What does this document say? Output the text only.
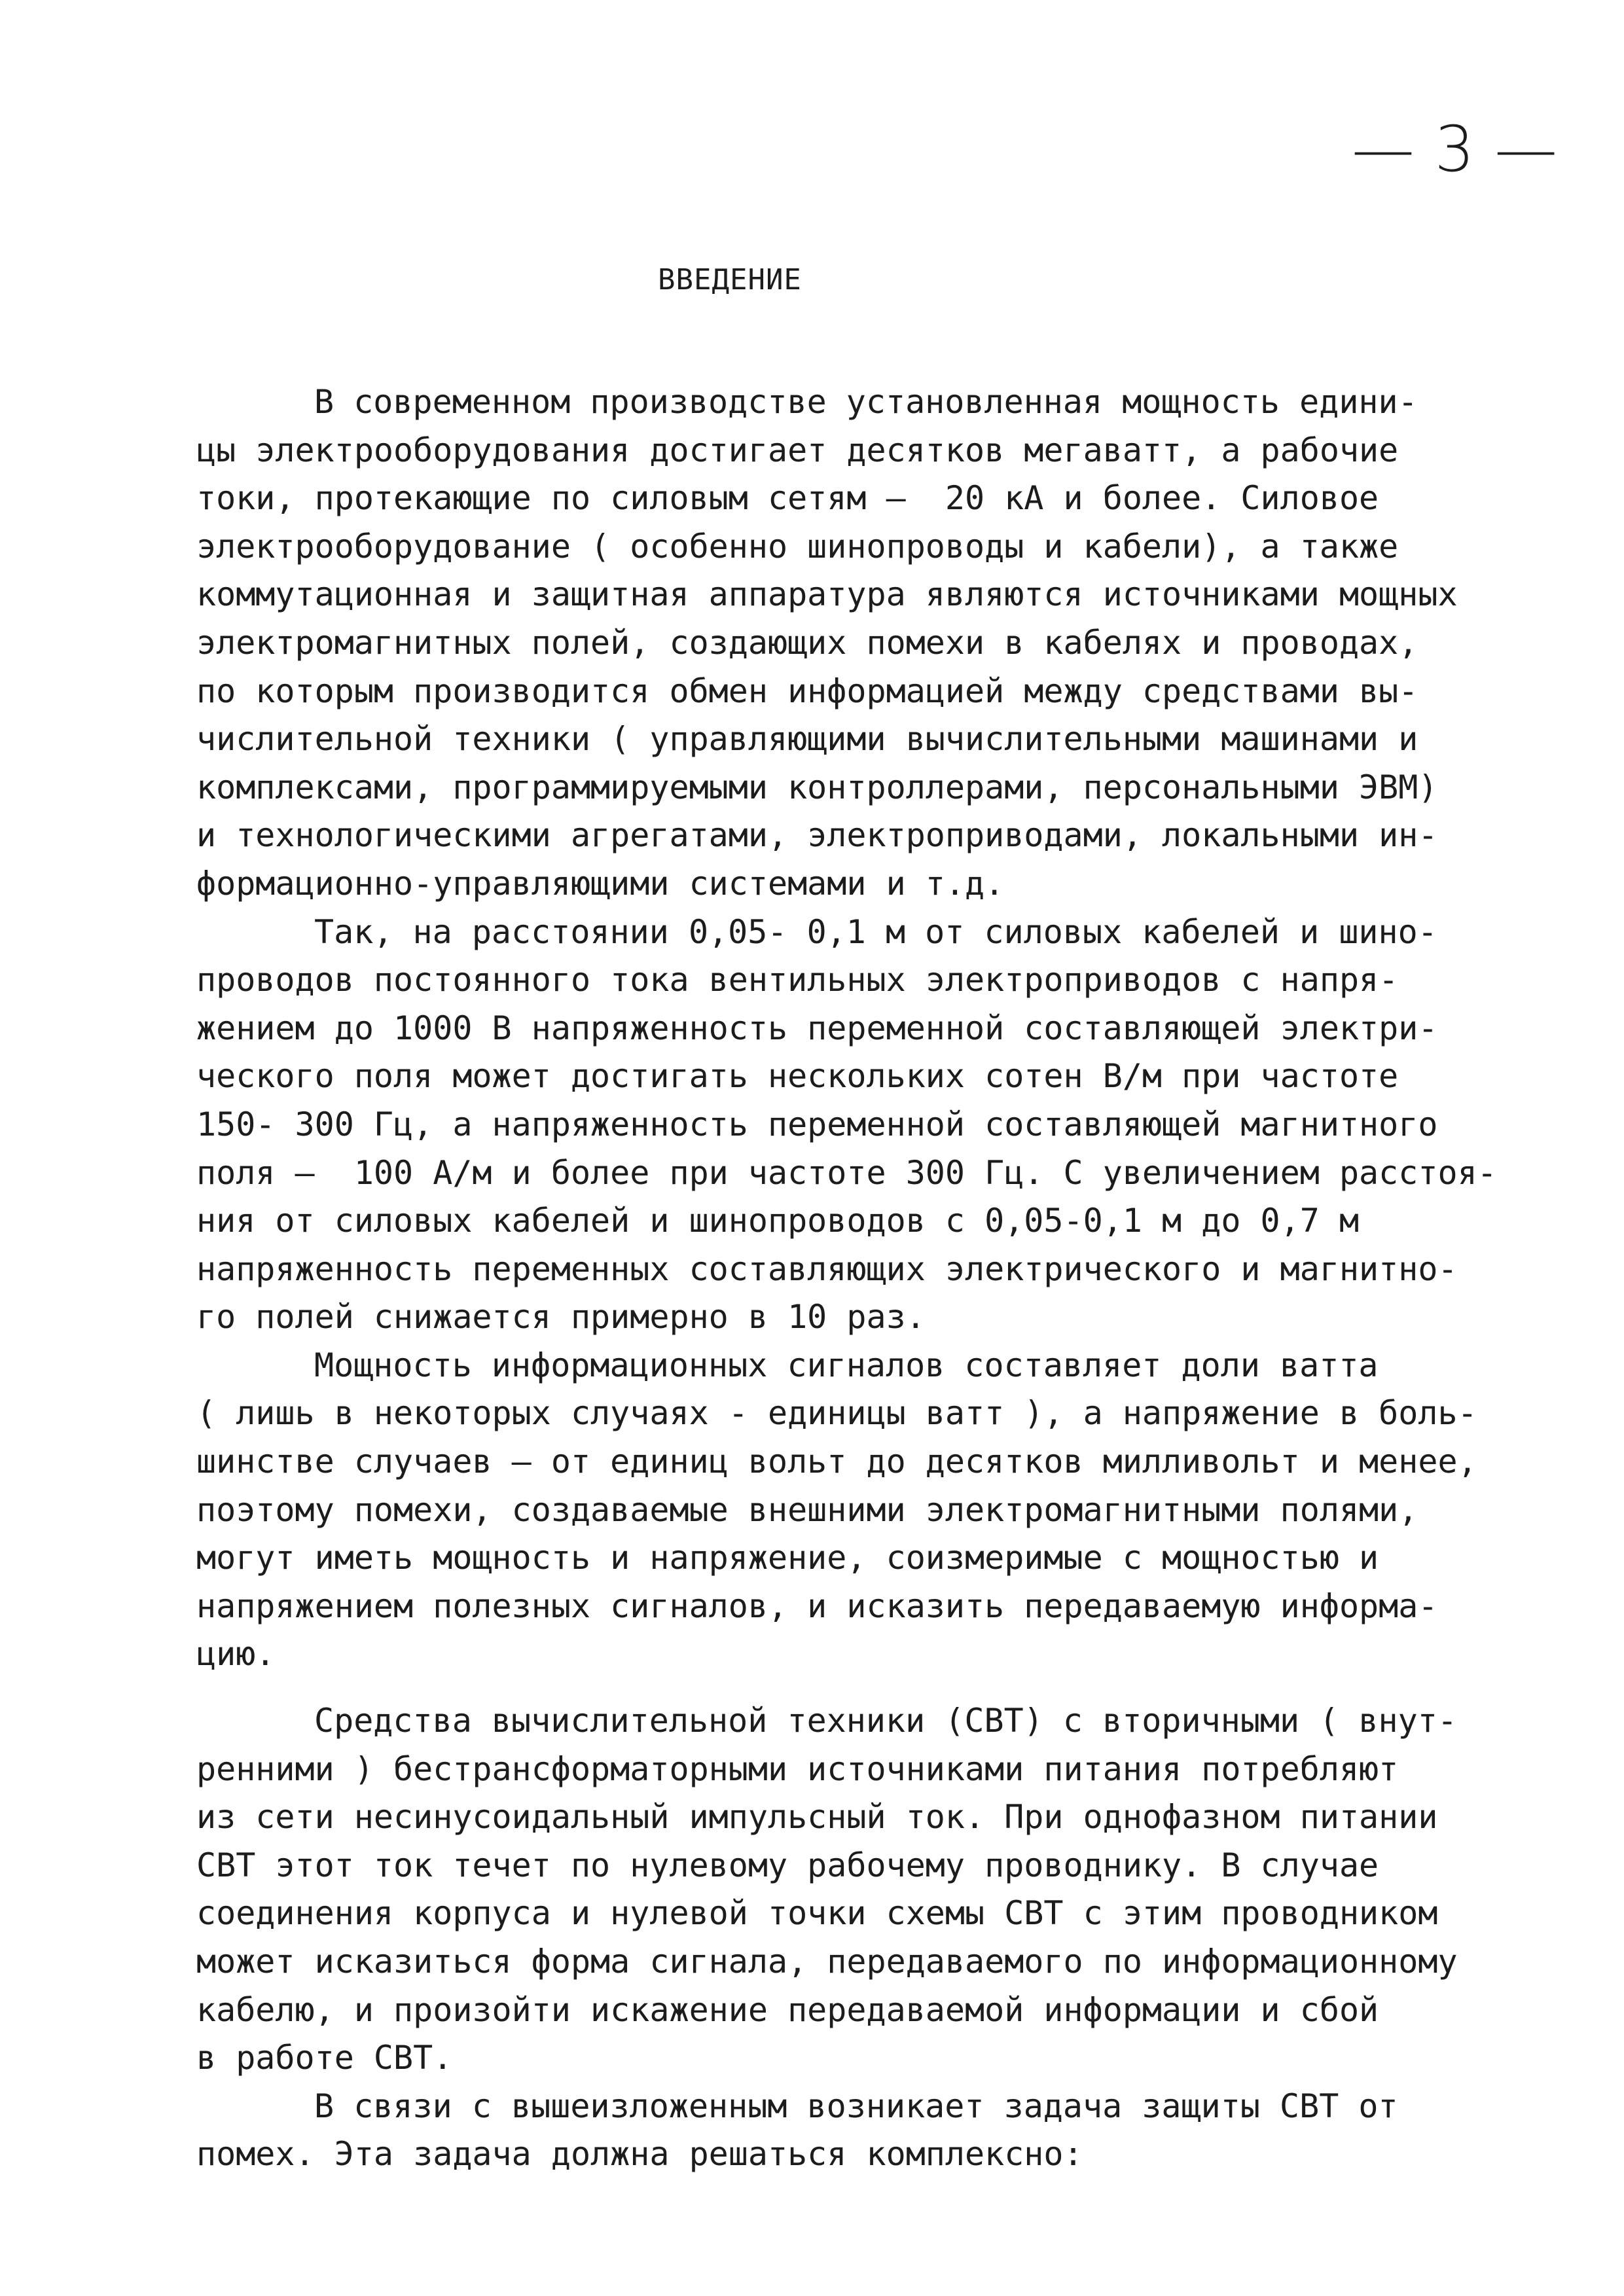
— 3 —
ВВЕДЕНИЕ
В современном производстве установленная мощность едини-
цы электрооборудования достигает десятков мегаватт, а рабочие
токи, протекающие по силовым сетям –  20 кА и более. Силовое
электрооборудование ( особенно шинопроводы и кабели), а также
коммутационная и защитная аппаратура являются источниками мощных
электромагнитных полей, создающих помехи в кабелях и проводах,
по которым производится обмен информацией между средствами вы-
числительной техники ( управляющими вычислительными машинами и
комплексами, программируемыми контроллерами, персональными ЭВМ)
и технологическими агрегатами, электроприводами, локальными ин-
формационно-управляющими системами и т.д.
Так, на расстоянии 0,05- 0,1 м от силовых кабелей и шино-
проводов постоянного тока вентильных электроприводов с напря-
жением до 1000 В напряженность переменной составляющей электри-
ческого поля может достигать нескольких сотен В/м при частоте
150- 300 Гц, а напряженность переменной составляющей магнитного
поля –  100 А/м и более при частоте 300 Гц. С увеличением расстоя-
ния от силовых кабелей и шинопроводов с 0,05-0,1 м до 0,7 м
напряженность переменных составляющих электрического и магнитно-
го полей снижается примерно в 10 раз.
Мощность информационных сигналов составляет доли ватта
( лишь в некоторых случаях - единицы ватт ), а напряжение в боль-
шинстве случаев – от единиц вольт до десятков милливольт и менее,
поэтому помехи, создаваемые внешними электромагнитными полями,
могут иметь мощность и напряжение, соизмеримые с мощностью и
напряжением полезных сигналов, и исказить передаваемую информа-
цию.
Средства вычислительной техники (СВТ) с вторичными ( внут-
ренними ) бестрансформаторными источниками питания потребляют
из сети несинусоидальный импульсный ток. При однофазном питании
СВТ этот ток течет по нулевому рабочему проводнику. В случае
соединения корпуса и нулевой точки схемы СВТ с этим проводником
может исказиться форма сигнала, передаваемого по информационному
кабелю, и произойти искажение передаваемой информации и сбой
в работе СВТ.
В связи с вышеизложенным возникает задача защиты СВТ от
помех. Эта задача должна решаться комплексно:
